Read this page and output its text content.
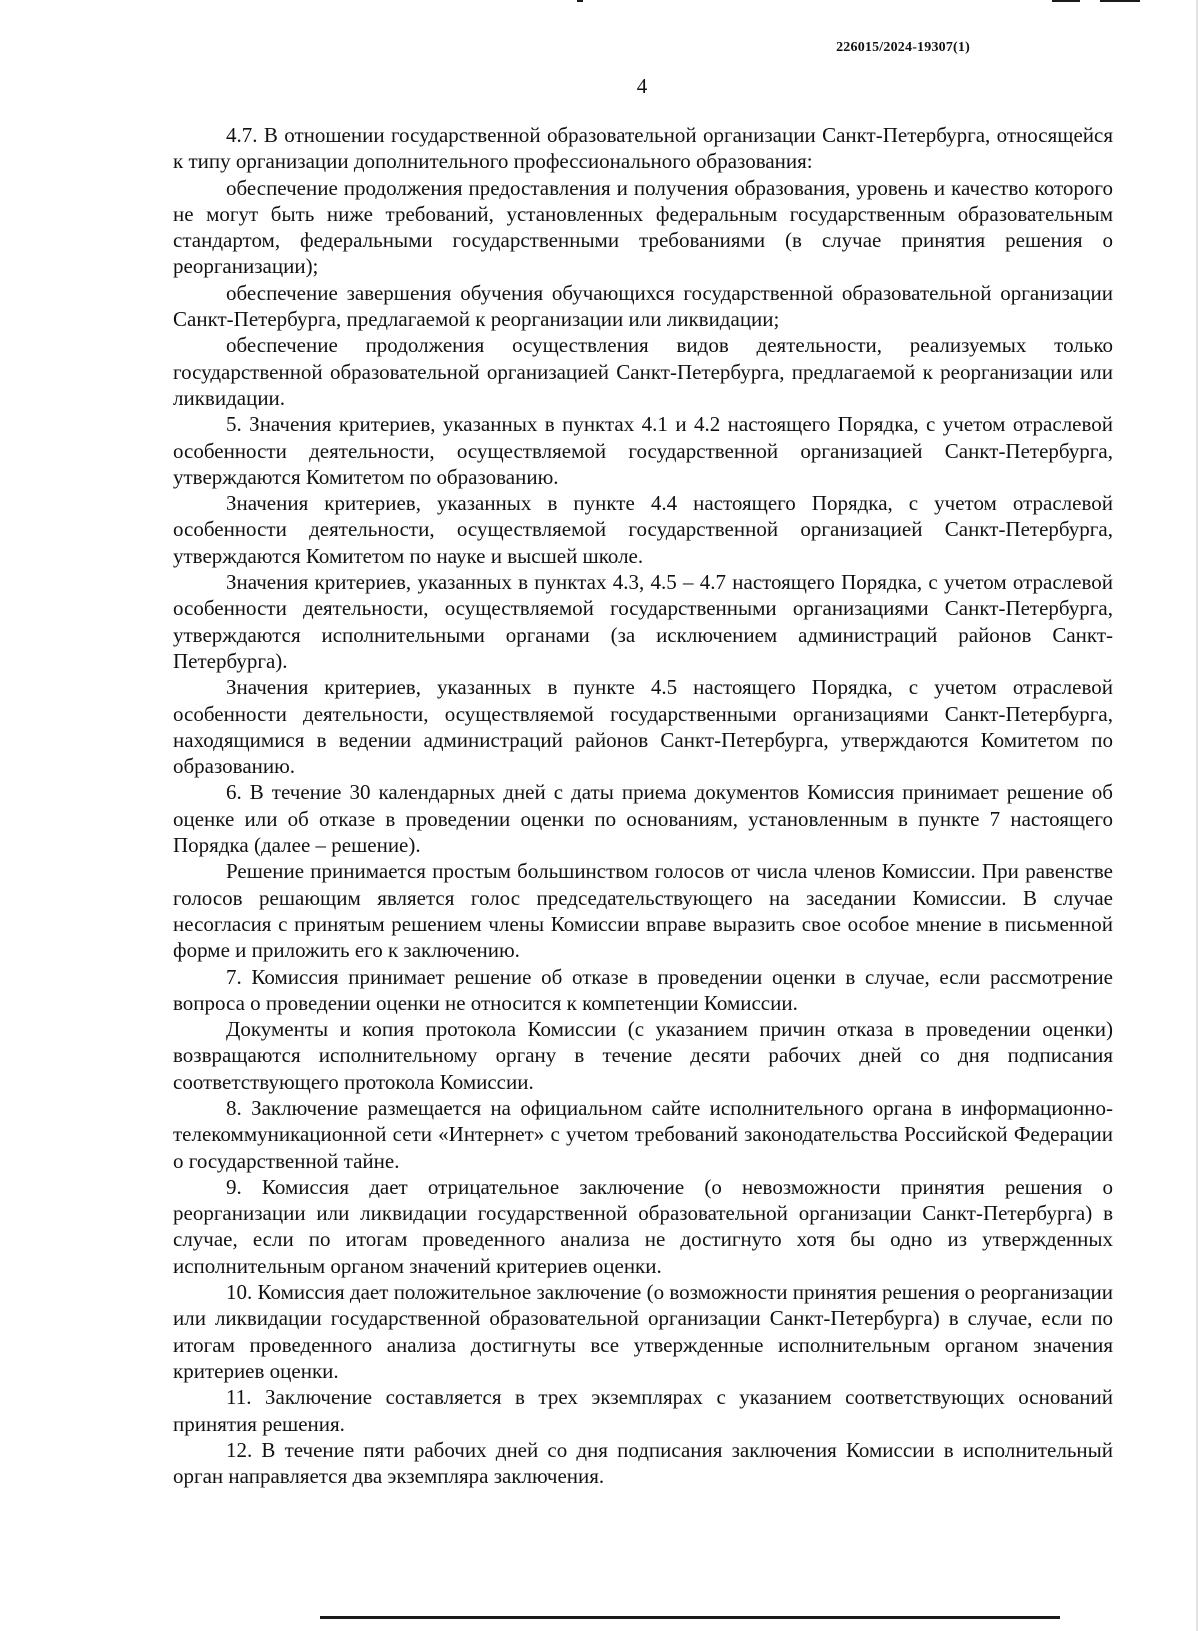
226015/2024-19307(1)
4

4.7. В отношении государственной образовательной организации Санкт-Петербурга, относящейся к типу организации дополнительного профессионального образования:

обеспечение продолжения предоставления и получения образования, уровень и качество которого не могут быть ниже требований, установленных федеральным государственным образовательным стандартом, федеральными государственными требованиями (в случае принятия решения о реорганизации);

обеспечение завершения обучения обучающихся государственной образовательной организации Санкт-Петербурга, предлагаемой к реорганизации или ликвидации;

обеспечение продолжения осуществления видов деятельности, реализуемых только государственной образовательной организацией Санкт-Петербурга, предлагаемой к реорганизации или ликвидации.

5. Значения критериев, указанных в пунктах 4.1 и 4.2 настоящего Порядка, с учетом отраслевой особенности деятельности, осуществляемой государственной организацией Санкт-Петербурга, утверждаются Комитетом по образованию.

Значения критериев, указанных в пункте 4.4 настоящего Порядка, с учетом отраслевой особенности деятельности, осуществляемой государственной организацией Санкт-Петербурга, утверждаются Комитетом по науке и высшей школе.

Значения критериев, указанных в пунктах 4.3, 4.5 – 4.7 настоящего Порядка, с учетом отраслевой особенности деятельности, осуществляемой государственными организациями Санкт-Петербурга, утверждаются исполнительными органами (за исключением администраций районов Санкт-Петербурга).

Значения критериев, указанных в пункте 4.5 настоящего Порядка, с учетом отраслевой особенности деятельности, осуществляемой государственными организациями Санкт-Петербурга, находящимися в ведении администраций районов Санкт-Петербурга, утверждаются Комитетом по образованию.

6. В течение 30 календарных дней с даты приема документов Комиссия принимает решение об оценке или об отказе в проведении оценки по основаниям, установленным в пункте 7 настоящего Порядка (далее – решение).

Решение принимается простым большинством голосов от числа членов Комиссии. При равенстве голосов решающим является голос председательствующего на заседании Комиссии. В случае несогласия с принятым решением члены Комиссии вправе выразить свое особое мнение в письменной форме и приложить его к заключению.

7. Комиссия принимает решение об отказе в проведении оценки в случае, если рассмотрение вопроса о проведении оценки не относится к компетенции Комиссии.

Документы и копия протокола Комиссии (с указанием причин отказа в проведении оценки) возвращаются исполнительному органу в течение десяти рабочих дней со дня подписания соответствующего протокола Комиссии.

8. Заключение размещается на официальном сайте исполнительного органа в информационно-телекоммуникационной сети «Интернет» с учетом требований законодательства Российской Федерации о государственной тайне.

9. Комиссия дает отрицательное заключение (о невозможности принятия решения о реорганизации или ликвидации государственной образовательной организации Санкт-Петербурга) в случае, если по итогам проведенного анализа не достигнуто хотя бы одно из утвержденных исполнительным органом значений критериев оценки.

10. Комиссия дает положительное заключение (о возможности принятия решения о реорганизации или ликвидации государственной образовательной организации Санкт-Петербурга) в случае, если по итогам проведенного анализа достигнуты все утвержденные исполнительным органом значения критериев оценки.

11. Заключение составляется в трех экземплярах с указанием соответствующих оснований принятия решения.

12. В течение пяти рабочих дней со дня подписания заключения Комиссии в исполнительный орган направляется два экземпляра заключения.
